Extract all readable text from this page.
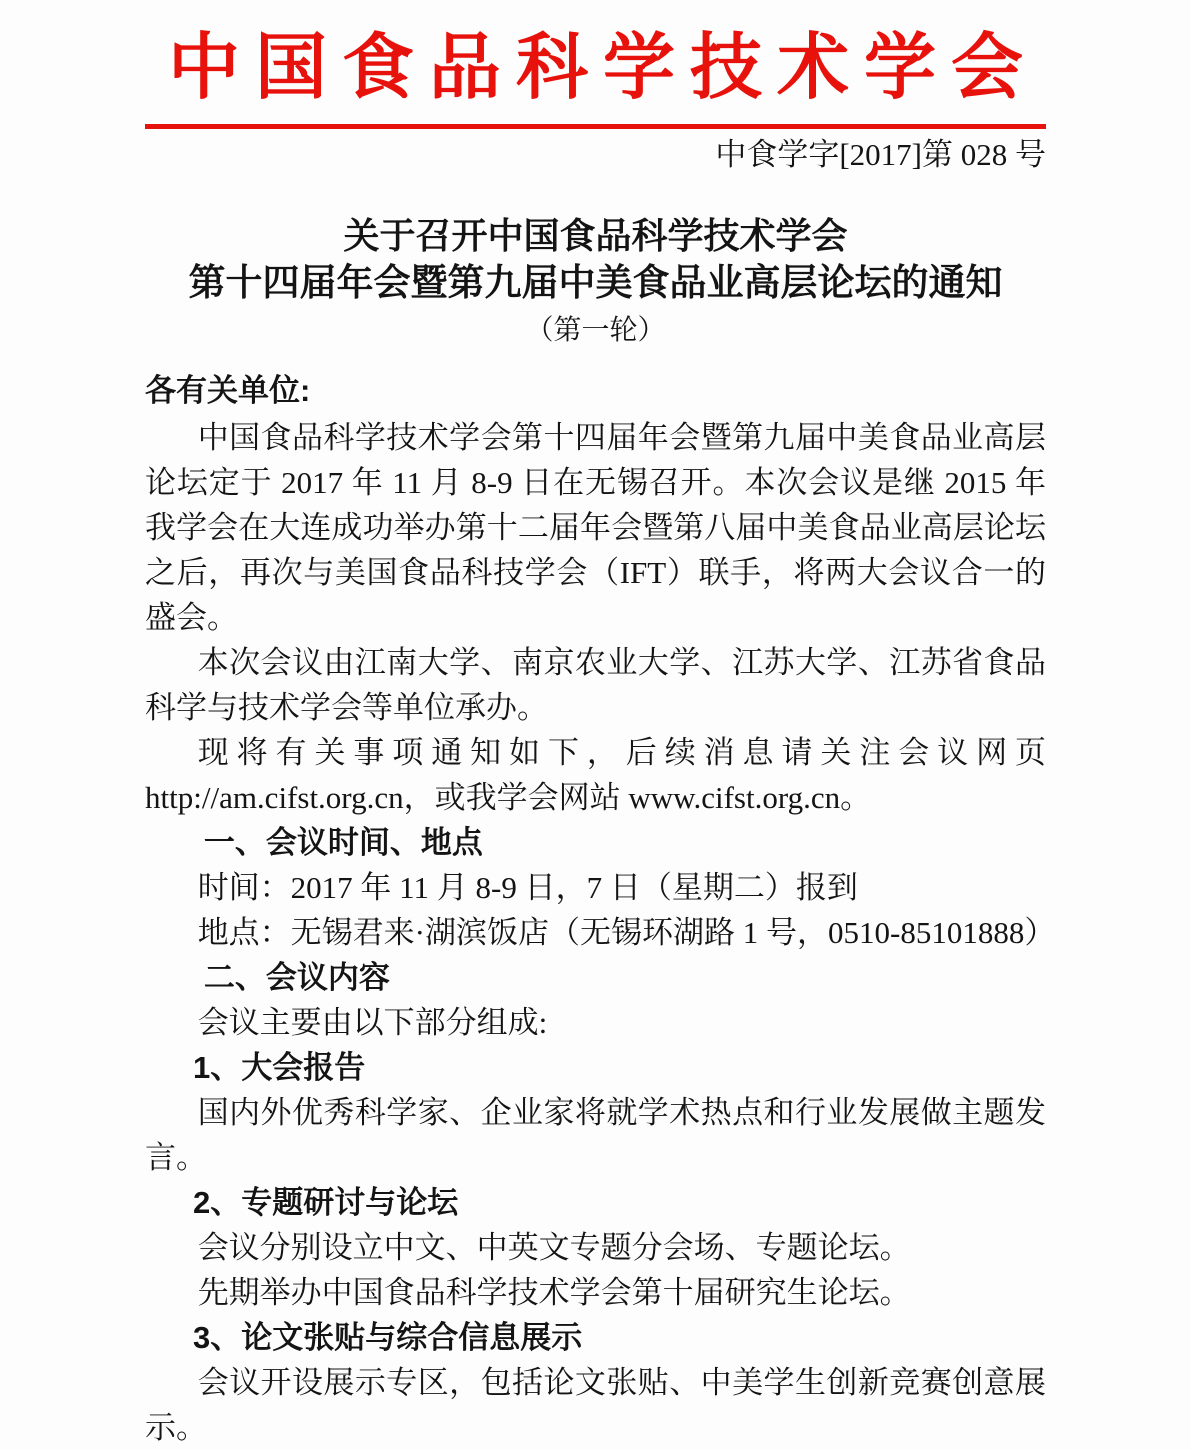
中国食品科学技术学会
中食学字[2017]第 028 号
关于召开中国食品科学技术学会
第十四届年会暨第九届中美食品业高层论坛的通知
（第一轮）
各有关单位:

中国食品科学技术学会第十四届年会暨第九届中美食品业高层论坛定于 2017 年 11 月 8-9 日在无锡召开。本次会议是继 2015 年我学会在大连成功举办第十二届年会暨第八届中美食品业高层论坛之后，再次与美国食品科技学会（IFT）联手，将两大会议合一的盛会。

本次会议由江南大学、南京农业大学、江苏大学、江苏省食品科学与技术学会等单位承办。

现将有关事项通知如下，后续消息请关注会议网页 http://am.cifst.org.cn，或我学会网站 www.cifst.org.cn。

一、会议时间、地点

时间：2017 年 11 月 8-9 日，7 日（星期二）报到

地点：无锡君来·湖滨饭店（无锡环湖路 1 号，0510-85101888）

二、会议内容

会议主要由以下部分组成:

1、大会报告

国内外优秀科学家、企业家将就学术热点和行业发展做主题发言。

2、专题研讨与论坛

会议分别设立中文、中英文专题分会场、专题论坛。

先期举办中国食品科学技术学会第十届研究生论坛。

3、论文张贴与综合信息展示

会议开设展示专区，包括论文张贴、中美学生创新竞赛创意展示。
